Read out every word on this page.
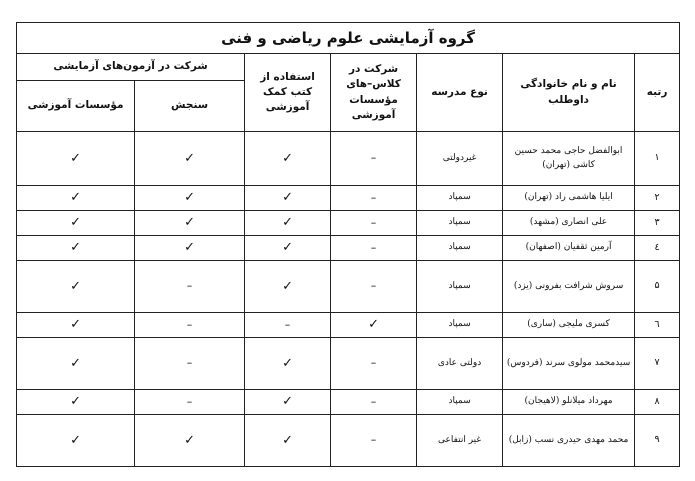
گروه آزمایشی علوم ریاضی و فنی						
رتبه	نام و نام خانوادگی داوطلب	نوع مدرسه	شرکت در کلاس–های مؤسسات آموزشی	استفاده از کتب کمک آموزشی	شرکت در آزمون‌های آزمایشی	
					سنجش	مؤسسات آموزشی
۱	ابوالفضل حاجی محمد حسین کاشی (تهران)	غیردولتی	–	✓	✓	✓
۲	ایلیا هاشمی راد (تهران)	سمپاد	–	✓	✓	✓
۳	علی انصاری (مشهد)	سمپاد	–	✓	✓	✓
٤	آرمین ثقفیان (اصفهان)	سمپاد	–	✓	✓	✓
۵	سروش شرافت بفرونی (یزد)	سمپاد	–	✓	–	✓
٦	کسری ملیجی (ساری)	سمپاد	✓	–	–	✓
۷	سیدمحمد مولوی سرند (فردوس)	دولتی عادی	–	✓	–	✓
۸	مهرداد میلانلو (لاهیجان)	سمپاد	–	✓	–	✓
۹	محمد مهدی حیدری نسب (زابل)	غیر انتفاعی	–	✓	✓	✓
